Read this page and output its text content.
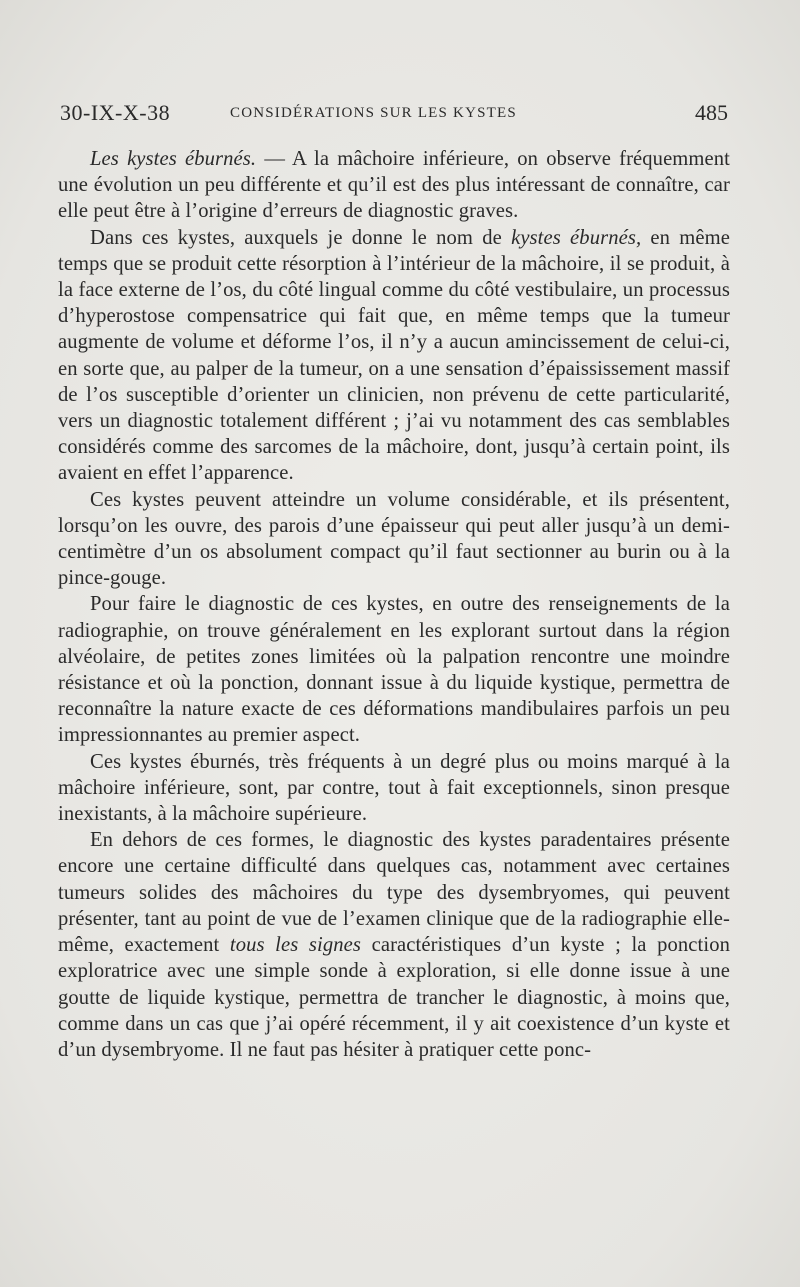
30-IX-X-38	CONSIDÉRATIONS SUR LES KYSTES	485

Les kystes éburnés. — A la mâchoire inférieure, on observe fréquemment une évolution un peu différente et qu’il est des plus intéressant de connaître, car elle peut être à l’origine d’erreurs de diagnostic graves.

Dans ces kystes, auxquels je donne le nom de kystes éburnés, en même temps que se produit cette résorption à l’intérieur de la mâchoire, il se produit, à la face externe de l’os, du côté lingual comme du côté vestibulaire, un processus d’hyperostose compensatrice qui fait que, en même temps que la tumeur augmente de volume et déforme l’os, il n’y a aucun amincissement de celui-ci, en sorte que, au palper de la tumeur, on a une sensation d’épaississement massif de l’os susceptible d’orienter un clinicien, non prévenu de cette particularité, vers un diagnostic totalement différent ; j’ai vu notamment des cas semblables considérés comme des sarcomes de la mâchoire, dont, jusqu’à certain point, ils avaient en effet l’apparence.

Ces kystes peuvent atteindre un volume considérable, et ils présentent, lorsqu’on les ouvre, des parois d’une épaisseur qui peut aller jusqu’à un demi-centimètre d’un os absolument compact qu’il faut sectionner au burin ou à la pince-gouge.

Pour faire le diagnostic de ces kystes, en outre des renseignements de la radiographie, on trouve généralement en les explorant surtout dans la région alvéolaire, de petites zones limitées où la palpation rencontre une moindre résistance et où la ponction, donnant issue à du liquide kystique, permettra de reconnaître la nature exacte de ces déformations mandibulaires parfois un peu impressionnantes au premier aspect.

Ces kystes éburnés, très fréquents à un degré plus ou moins marqué à la mâchoire inférieure, sont, par contre, tout à fait exceptionnels, sinon presque inexistants, à la mâchoire supérieure.

En dehors de ces formes, le diagnostic des kystes paradentaires présente encore une certaine difficulté dans quelques cas, notamment avec certaines tumeurs solides des mâchoires du type des dysembryomes, qui peuvent présenter, tant au point de vue de l’examen clinique que de la radiographie elle-même, exactement tous les signes caractéristiques d’un kyste ; la ponction exploratrice avec une simple sonde à exploration, si elle donne issue à une goutte de liquide kystique, permettra de trancher le diagnostic, à moins que, comme dans un cas que j’ai opéré récemment, il y ait coexistence d’un kyste et d’un dysembryome. Il ne faut pas hésiter à pratiquer cette ponc-
